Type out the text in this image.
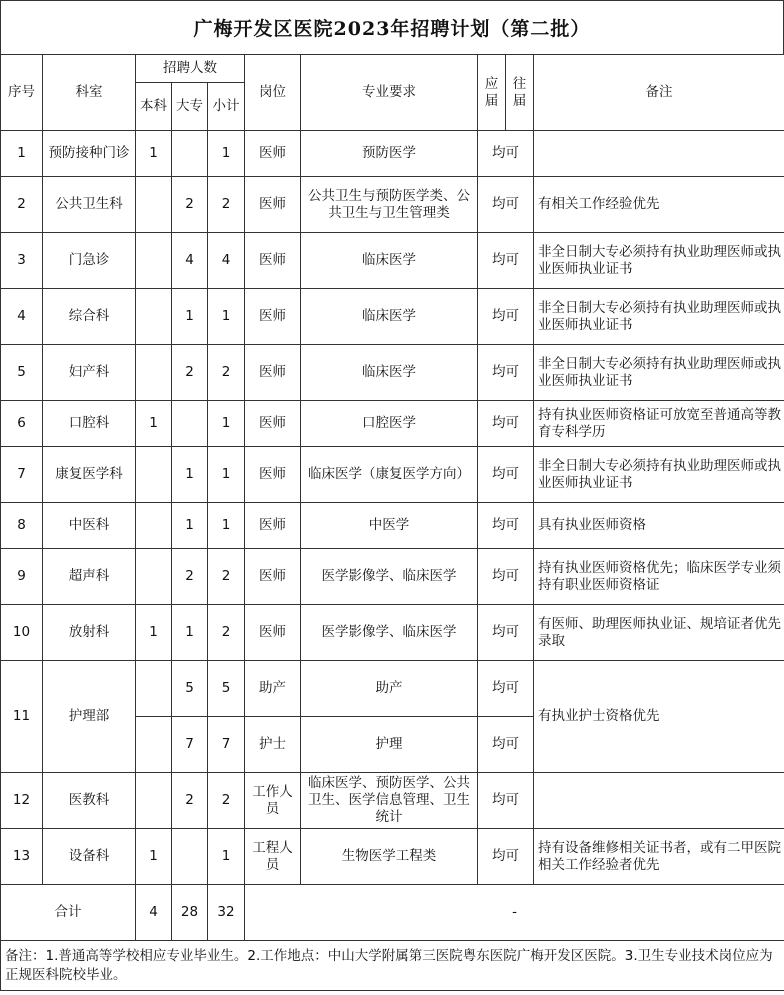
广梅开发区医院2023年招聘计划（第二批）
序号	科室	招聘人数			岗位	专业要求	应届	往届	备注
		本科	大专	小计					
1	预防接种门诊	1		1	医师	预防医学	均可		
2	公共卫生科		2	2	医师	公共卫生与预防医学类、公共卫生与卫生管理类	均可		有相关工作经验优先
3	门急诊		4	4	医师	临床医学	均可		非全日制大专必须持有执业助理医师或执业医师执业证书
4	综合科		1	1	医师	临床医学	均可		非全日制大专必须持有执业助理医师或执业医师执业证书
5	妇产科		2	2	医师	临床医学	均可		非全日制大专必须持有执业助理医师或执业医师执业证书
6	口腔科	1		1	医师	口腔医学	均可		持有执业医师资格证可放宽至普通高等教育专科学历
7	康复医学科		1	1	医师	临床医学（康复医学方向）	均可		非全日制大专必须持有执业助理医师或执业医师执业证书
8	中医科		1	1	医师	中医学	均可		具有执业医师资格
9	超声科		2	2	医师	医学影像学、临床医学	均可		持有执业医师资格优先；临床医学专业须持有职业医师资格证
10	放射科	1	1	2	医师	医学影像学、临床医学	均可		有医师、助理医师执业证、规培证者优先录取
11	护理部		5	5	助产	助产	均可		有执业护士资格优先
			7	7	护士	护理	均可		
12	医教科		2	2	工作人员	临床医学、预防医学、公共卫生、医学信息管理、卫生统计	均可		
13	设备科	1		1	工程人员	生物医学工程类	均可		持有设备维修相关证书者，或有二甲医院相关工作经验者优先
合计		4	28	32	-				
备注：1.普通高等学校相应专业毕业生。2.工作地点：中山大学附属第三医院粤东医院广梅开发区医院。3.卫生专业技术岗位应为正规医科院校毕业。									
